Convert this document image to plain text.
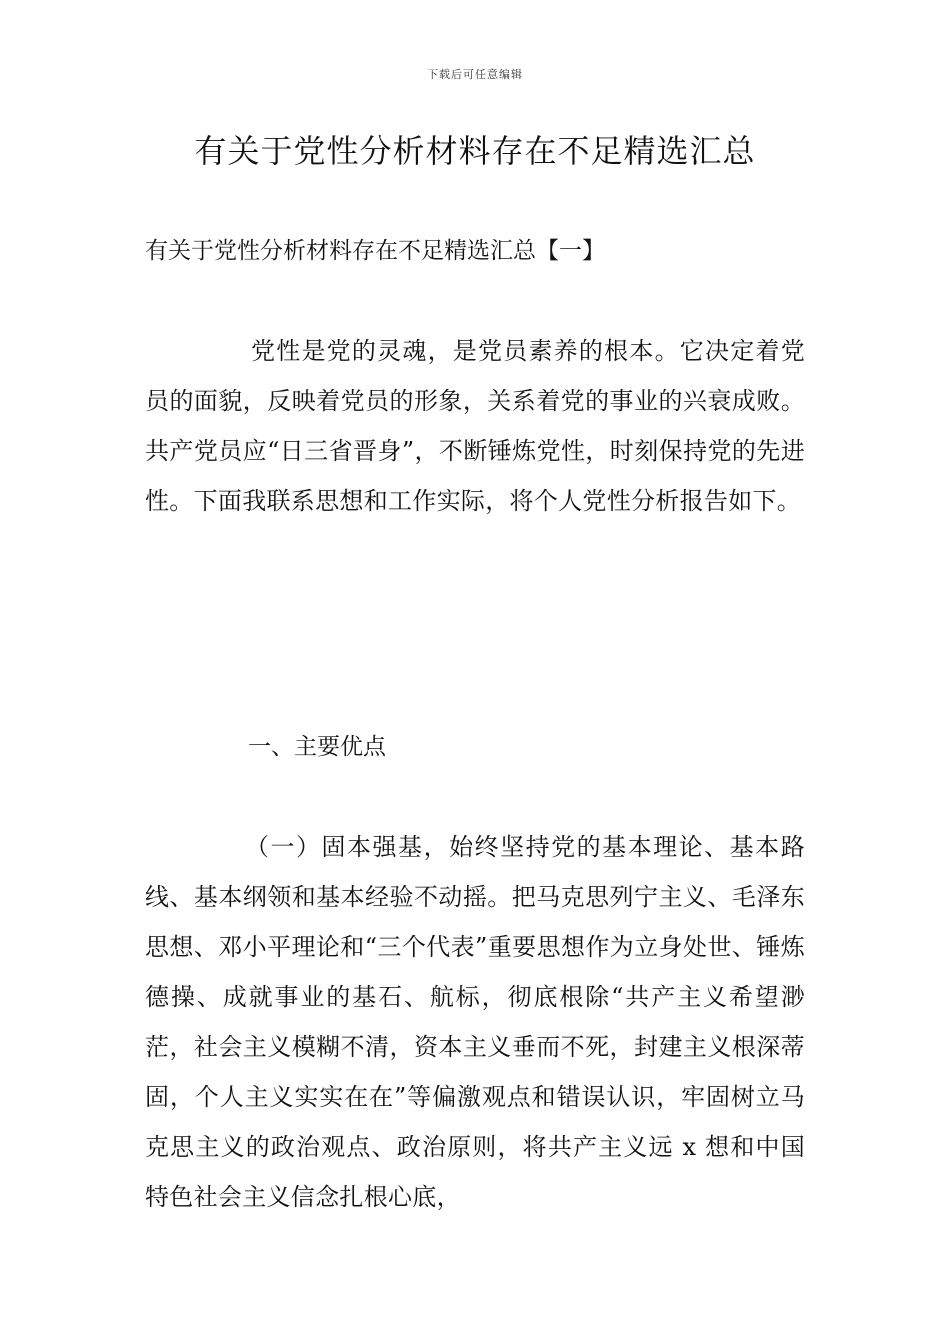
下载后可任意编辑
有关于党性分析材料存在不足精选汇总
有关于党性分析材料存在不足精选汇总【一】

党性是党的灵魂，是党员素养的根本。它决定着党员的面貌，反映着党员的形象，关系着党的事业的兴衰成败。共产党员应“日三省晋身”，不断锤炼党性，时刻保持党的先进性。下面我联系思想和工作实际，将个人党性分析报告如下。

一、主要优点

（一）固本强基，始终坚持党的基本理论、基本路线、基本纲领和基本经验不动摇。把马克思列宁主义、毛泽东思想、邓小平理论和“三个代表”重要思想作为立身处世、锤炼德操、成就事业的基石、航标，彻底根除“共产主义希望渺茫，社会主义模糊不清，资本主义垂而不死，封建主义根深蒂固，个人主义实实在在”等偏激观点和错误认识，牢固树立马克思主义的政治观点、政治原则，将共产主义远 x 想和中国特色社会主义信念扎根心底，
